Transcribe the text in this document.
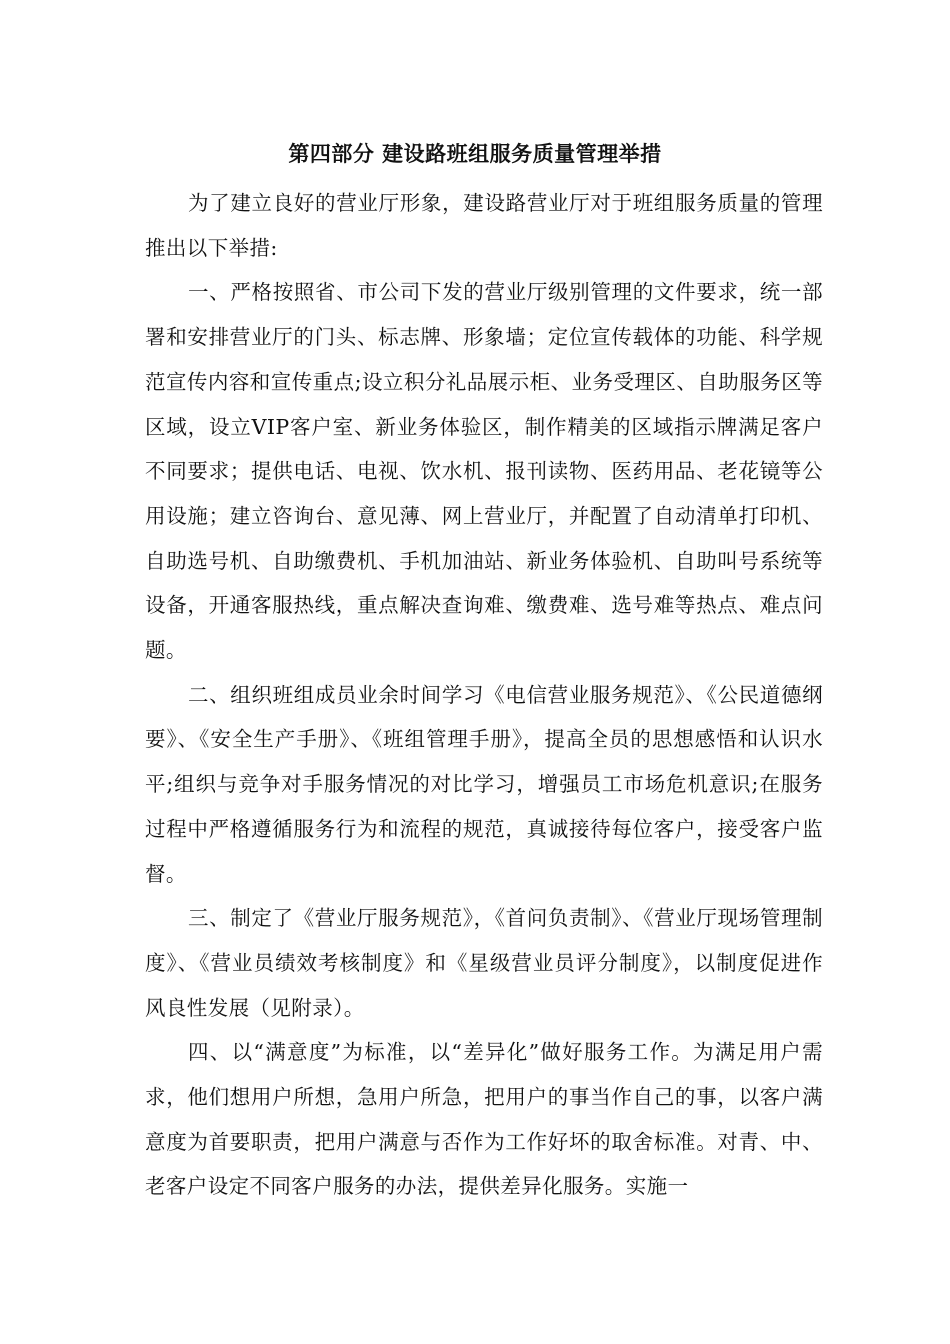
第四部分 建设路班组服务质量管理举措

为了建立良好的营业厅形象，建设路营业厅对于班组服务质量的管理推出以下举措:

一、严格按照省、市公司下发的营业厅级别管理的文件要求，统一部署和安排营业厅的门头、标志牌、形象墙；定位宣传载体的功能、科学规范宣传内容和宣传重点;设立积分礼品展示柜、业务受理区、自助服务区等区域，设立VIP客户室、新业务体验区，制作精美的区域指示牌满足客户不同要求；提供电话、电视、饮水机、报刊读物、医药用品、老花镜等公用设施；建立咨询台、意见薄、网上营业厅，并配置了自动清单打印机、自助选号机、自助缴费机、手机加油站、新业务体验机、自助叫号系统等设备，开通客服热线，重点解决查询难、缴费难、选号难等热点、难点问题。

二、组织班组成员业余时间学习《电信营业服务规范》、《公民道德纲要》、《安全生产手册》、《班组管理手册》，提高全员的思想感悟和认识水平;组织与竞争对手服务情况的对比学习，增强员工市场危机意识;在服务过程中严格遵循服务行为和流程的规范，真诚接待每位客户，接受客户监督。

三、制定了《营业厅服务规范》，《首问负责制》、《营业厅现场管理制度》、《营业员绩效考核制度》和《星级营业员评分制度》，以制度促进作风良性发展（见附录）。

四、以“满意度”为标准，以“差异化”做好服务工作。为满足用户需求，他们想用户所想，急用户所急，把用户的事当作自己的事，以客户满意度为首要职责，把用户满意与否作为工作好坏的取舍标准。对青、中、老客户设定不同客户服务的办法，提供差异化服务。实施一
